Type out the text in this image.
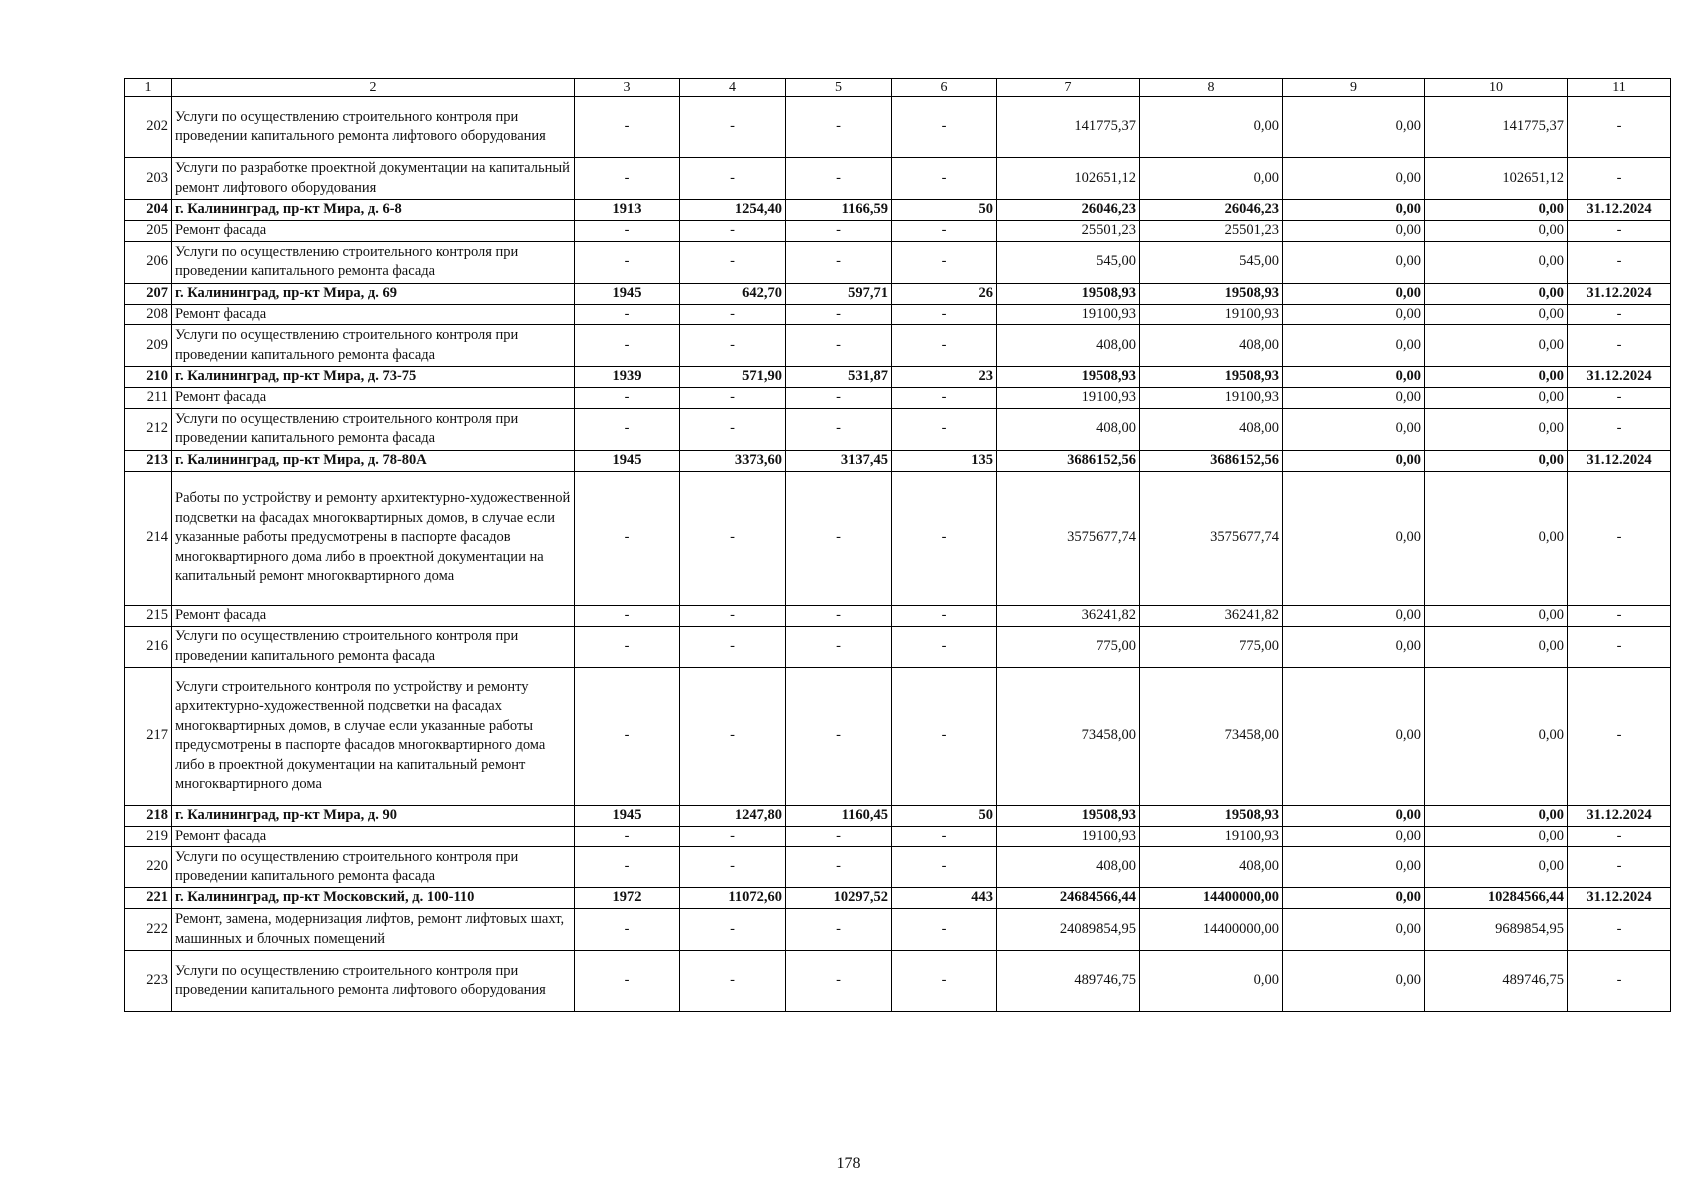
1	2	3	4	5	6	7	8	9	10	11
202	Услуги по осуществлению строительного контроля при проведении капитального ремонта лифтового оборудования	-	-	-	-	141775,37	0,00	0,00	141775,37	-
203	Услуги по разработке проектной документации на капитальный ремонт лифтового оборудования	-	-	-	-	102651,12	0,00	0,00	102651,12	-
204	г. Калининград, пр-кт Мира, д. 6-8	1913	1254,40	1166,59	50	26046,23	26046,23	0,00	0,00	31.12.2024
205	Ремонт фасада	-	-	-	-	25501,23	25501,23	0,00	0,00	-
206	Услуги по осуществлению строительного контроля при проведении капитального ремонта фасада	-	-	-	-	545,00	545,00	0,00	0,00	-
207	г. Калининград, пр-кт Мира, д. 69	1945	642,70	597,71	26	19508,93	19508,93	0,00	0,00	31.12.2024
208	Ремонт фасада	-	-	-	-	19100,93	19100,93	0,00	0,00	-
209	Услуги по осуществлению строительного контроля при проведении капитального ремонта фасада	-	-	-	-	408,00	408,00	0,00	0,00	-
210	г. Калининград, пр-кт Мира, д. 73-75	1939	571,90	531,87	23	19508,93	19508,93	0,00	0,00	31.12.2024
211	Ремонт фасада	-	-	-	-	19100,93	19100,93	0,00	0,00	-
212	Услуги по осуществлению строительного контроля при проведении капитального ремонта фасада	-	-	-	-	408,00	408,00	0,00	0,00	-
213	г. Калининград, пр-кт Мира, д. 78-80А	1945	3373,60	3137,45	135	3686152,56	3686152,56	0,00	0,00	31.12.2024
214	Работы по устройству и ремонту архитектурно-художественной подсветки на фасадах многоквартирных домов, в случае если указанные работы предусмотрены в паспорте фасадов многоквартирного дома либо в проектной документации на капитальный ремонт многоквартирного дома	-	-	-	-	3575677,74	3575677,74	0,00	0,00	-
215	Ремонт фасада	-	-	-	-	36241,82	36241,82	0,00	0,00	-
216	Услуги по осуществлению строительного контроля при проведении капитального ремонта фасада	-	-	-	-	775,00	775,00	0,00	0,00	-
217	Услуги строительного контроля по устройству и ремонту архитектурно-художественной подсветки на фасадах многоквартирных домов, в случае если указанные работы предусмотрены в паспорте фасадов многоквартирного дома либо в проектной документации на капитальный ремонт многоквартирного дома	-	-	-	-	73458,00	73458,00	0,00	0,00	-
218	г. Калининград, пр-кт Мира, д. 90	1945	1247,80	1160,45	50	19508,93	19508,93	0,00	0,00	31.12.2024
219	Ремонт фасада	-	-	-	-	19100,93	19100,93	0,00	0,00	-
220	Услуги по осуществлению строительного контроля при проведении капитального ремонта фасада	-	-	-	-	408,00	408,00	0,00	0,00	-
221	г. Калининград, пр-кт Московский, д. 100-110	1972	11072,60	10297,52	443	24684566,44	14400000,00	0,00	10284566,44	31.12.2024
222	Ремонт, замена, модернизация лифтов, ремонт лифтовых шахт, машинных и блочных помещений	-	-	-	-	24089854,95	14400000,00	0,00	9689854,95	-
223	Услуги по осуществлению строительного контроля при проведении капитального ремонта лифтового оборудования	-	-	-	-	489746,75	0,00	0,00	489746,75	-
178
